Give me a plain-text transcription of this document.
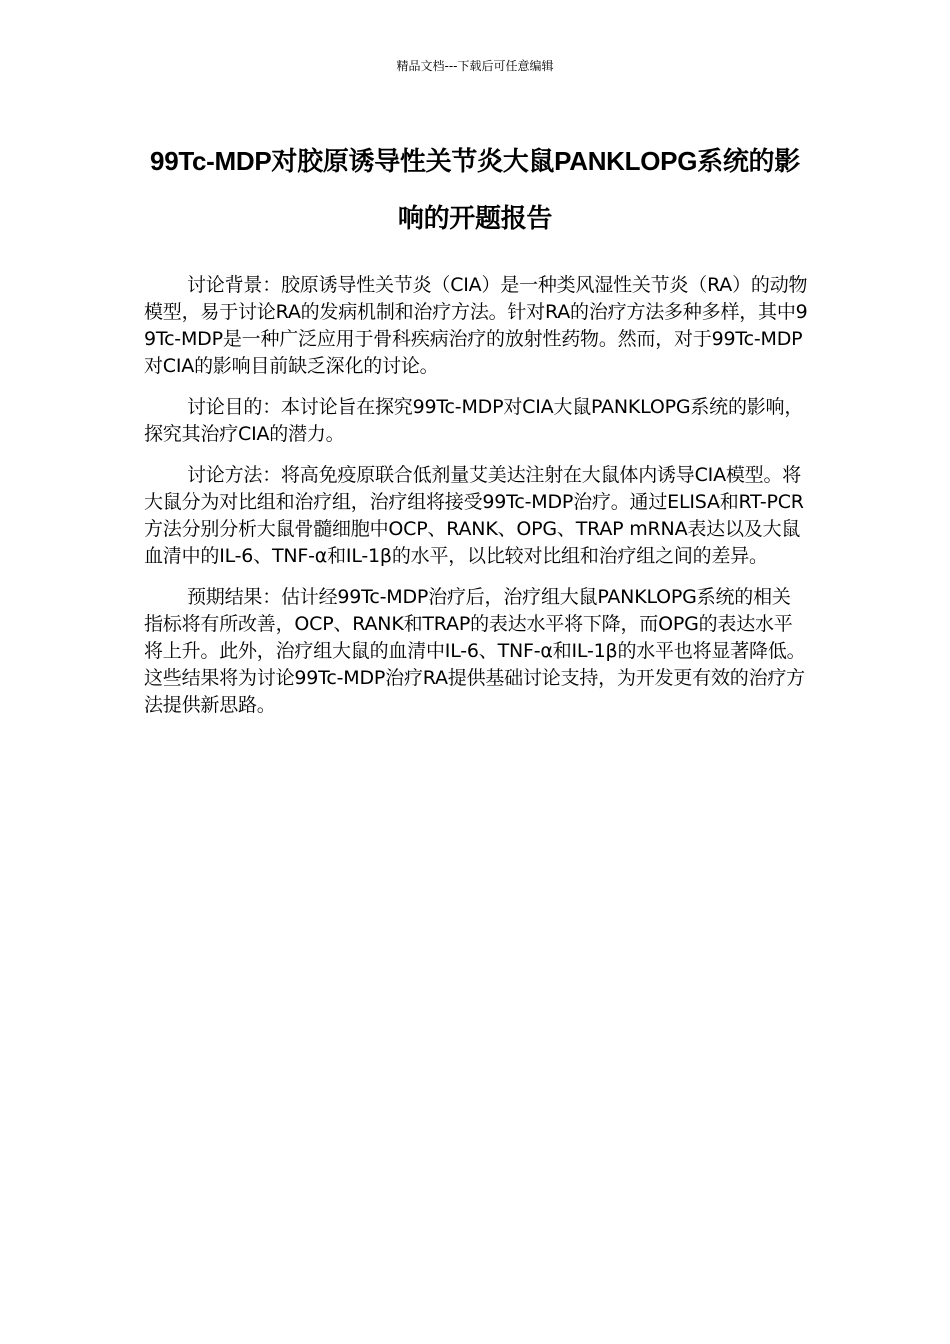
精品文档---下载后可任意编辑
99Tc-MDP对胶原诱导性关节炎大鼠PANKLOPG系统的影响的开题报告

讨论背景：胶原诱导性关节炎（CIA）是一种类风湿性关节炎（RA）的动物模型，易于讨论RA的发病机制和治疗方法。针对RA的治疗方法多种多样，其中99Tc-MDP是一种广泛应用于骨科疾病治疗的放射性药物。然而，对于99Tc-MDP对CIA的影响目前缺乏深化的讨论。

讨论目的：本讨论旨在探究99Tc-MDP对CIA大鼠PANKLOPG系统的影响，探究其治疗CIA的潜力。

讨论方法：将高免疫原联合低剂量艾美达注射在大鼠体内诱导CIA模型。将大鼠分为对比组和治疗组，治疗组将接受99Tc-MDP治疗。通过ELISA和RT-PCR方法分别分析大鼠骨髓细胞中OCP、RANK、OPG、TRAP mRNA表达以及大鼠血清中的IL-6、TNF-α和IL-1β的水平，以比较对比组和治疗组之间的差异。

预期结果：估计经99Tc-MDP治疗后，治疗组大鼠PANKLOPG系统的相关指标将有所改善，OCP、RANK和TRAP的表达水平将下降，而OPG的表达水平将上升。此外，治疗组大鼠的血清中IL-6、TNF-α和IL-1β的水平也将显著降低。这些结果将为讨论99Tc-MDP治疗RA提供基础讨论支持，为开发更有效的治疗方法提供新思路。
